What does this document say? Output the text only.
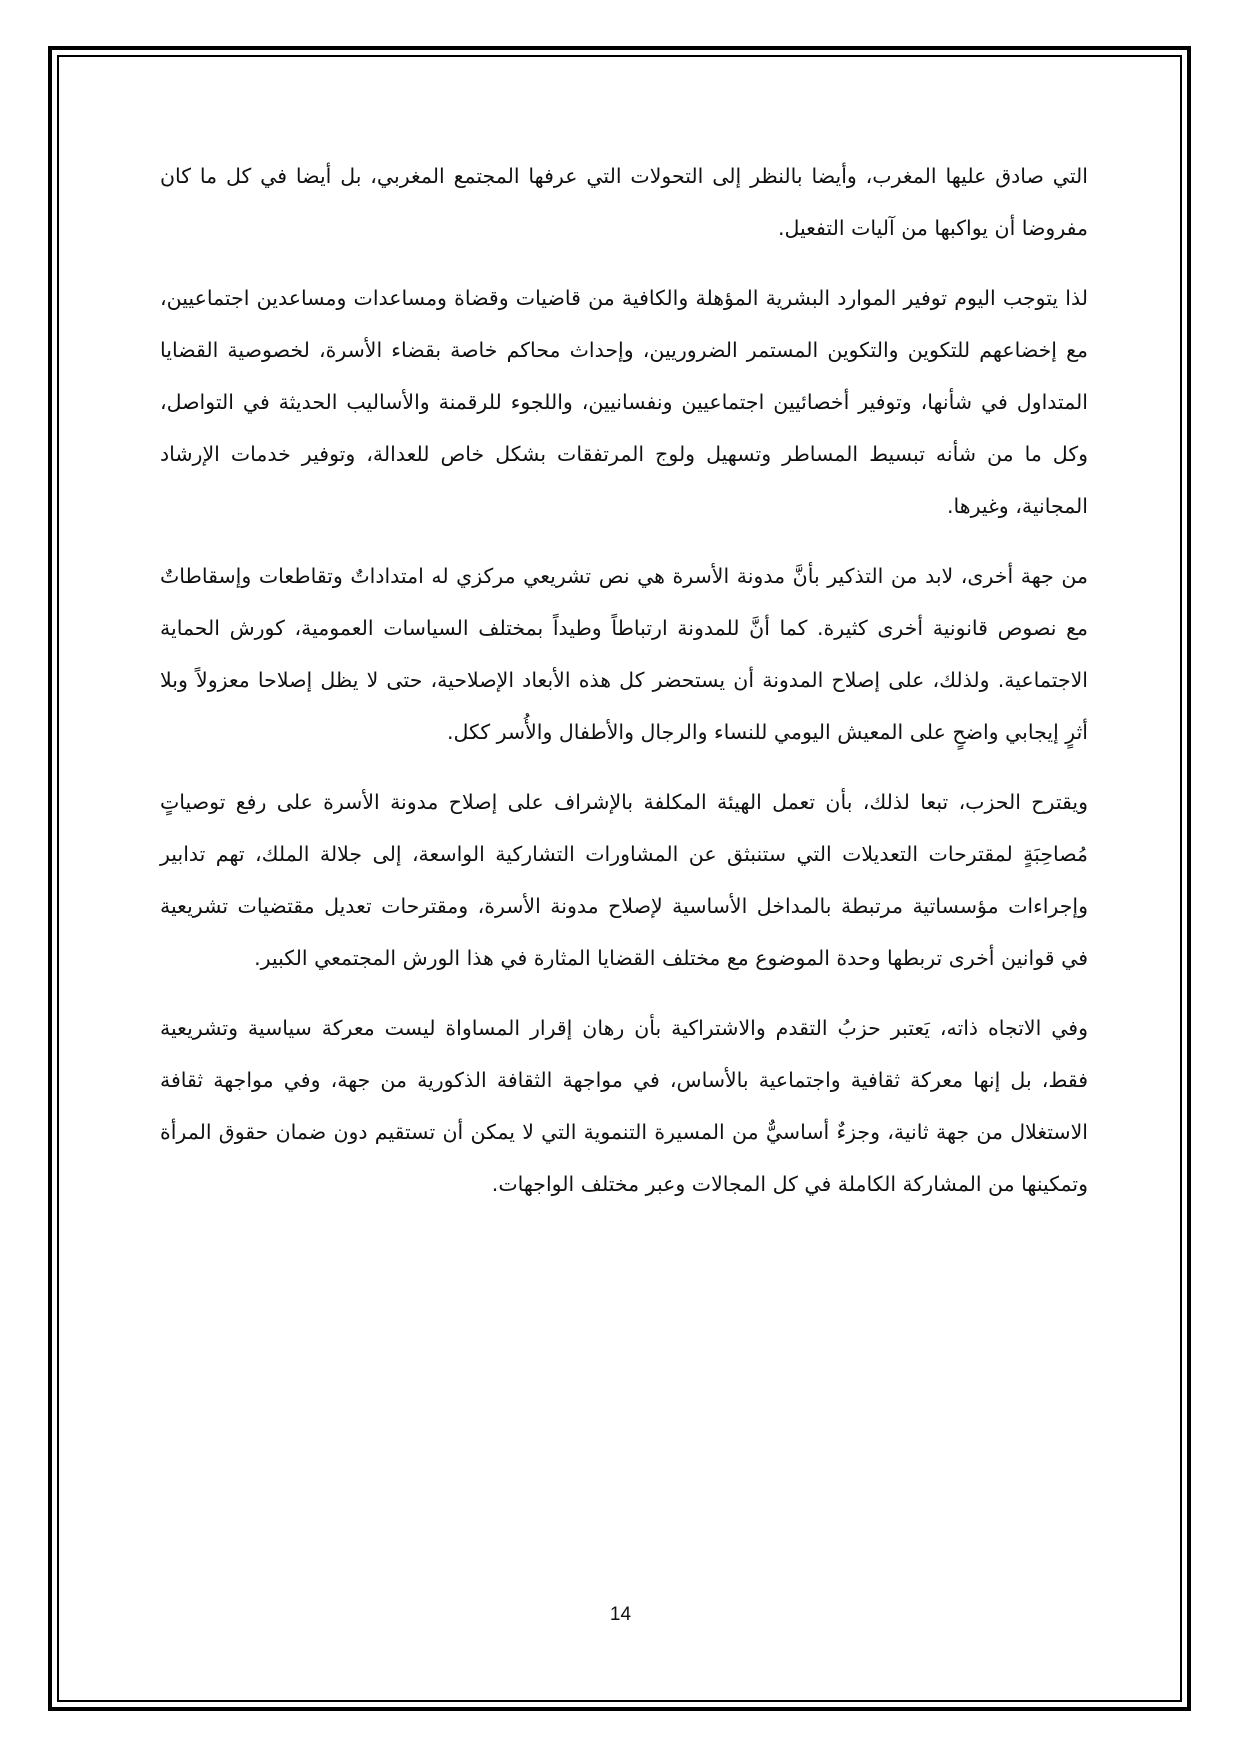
التي صادق عليها المغرب، وأيضا بالنظر إلى التحولات التي عرفها المجتمع المغربي، بل أيضا في كل ما كان مفروضا أن يواكبها من آليات التفعيل.

لذا يتوجب اليوم توفير الموارد البشرية المؤهلة والكافية من قاضيات وقضاة ومساعدات ومساعدين اجتماعيين، مع إخضاعهم للتكوين والتكوين المستمر الضروريين، وإحداث محاكم خاصة بقضاء الأسرة، لخصوصية القضايا المتداول في شأنها، وتوفير أخصائيين اجتماعيين ونفسانيين، واللجوء للرقمنة والأساليب الحديثة في التواصل، وكل ما من شأنه تبسيط المساطر وتسهيل ولوج المرتفقات بشكل خاص للعدالة، وتوفير خدمات الإرشاد المجانية، وغيرها.

من جهة أخرى، لابد من التذكير بأنَّ مدونة الأسرة هي نص تشريعي مركزي له امتداداتٌ وتقاطعات وإسقاطاتٌ مع نصوص قانونية أخرى كثيرة. كما أنَّ للمدونة ارتباطاً وطيداً بمختلف السياسات العمومية، كورش الحماية الاجتماعية. ولذلك، على إصلاح المدونة أن يستحضر كل هذه الأبعاد الإصلاحية، حتى لا يظل إصلاحا معزولاً وبلا أثرٍ إيجابي واضحٍ على المعيش اليومي للنساء والرجال والأطفال والأُسر ككل.

ويقترح الحزب، تبعا لذلك، بأن تعمل الهيئة المكلفة بالإشراف على إصلاح مدونة الأسرة على رفع توصياتٍ مُصاحِبَةٍ لمقترحات التعديلات التي ستنبثق عن المشاورات التشاركية الواسعة، إلى جلالة الملك، تهم تدابير وإجراءات مؤسساتية مرتبطة بالمداخل الأساسية لإصلاح مدونة الأسرة، ومقترحات تعديل مقتضيات تشريعية في قوانين أخرى تربطها وحدة الموضوع مع مختلف القضايا المثارة في هذا الورش المجتمعي الكبير.

وفي الاتجاه ذاته، يَعتبر حزبُ التقدم والاشتراكية بأن رهان إقرار المساواة ليست معركة سياسية وتشريعية فقط، بل إنها معركة ثقافية واجتماعية بالأساس، في مواجهة الثقافة الذكورية من جهة، وفي مواجهة ثقافة الاستغلال من جهة ثانية، وجزءٌ أساسيٌّ من المسيرة التنموية التي لا يمكن أن تستقيم دون ضمان حقوق المرأة وتمكينها من المشاركة الكاملة في كل المجالات وعبر مختلف الواجهات.

14
